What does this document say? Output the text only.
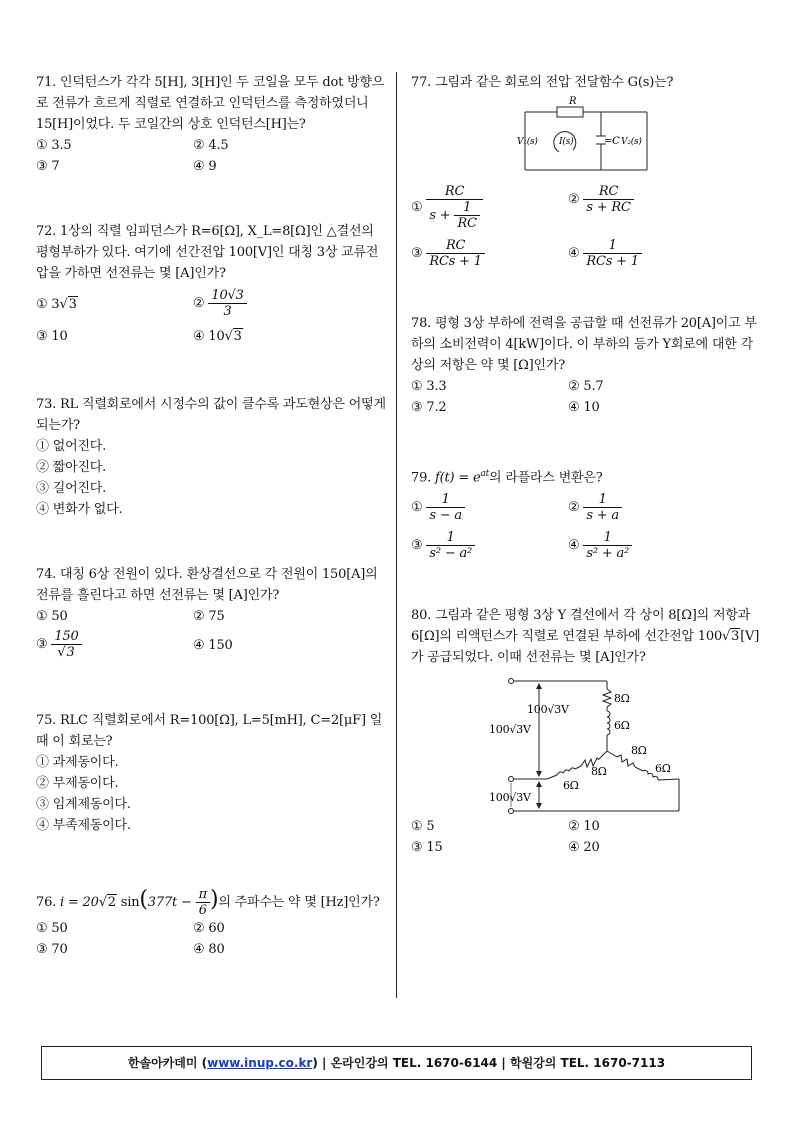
71. 인덕턴스가 각각 5[H], 3[H]인 두 코일을 모두 dot 방향으로 전류가 흐르게 직렬로 연결하고 인덕턴스를 측정하였더니 15[H]이었다. 두 코일간의 상호 인덕턴스[H]는?

① 3.5	② 4.5
③ 7	④ 9

72. 1상의 직렬 임피던스가 R=6[Ω], X_L=8[Ω]인 △결선의 평형부하가 있다. 여기에 선간전압 100[V]인 대칭 3상 교류전압을 가하면 선전류는 몇 [A]인가?

① 3√3	② $\frac{10√3}{3}$
③ 10	④ 10√3

73. RL 직렬회로에서 시정수의 값이 클수록 과도현상은 어떻게 되는가?

① 없어진다.
② 짧아진다.
③ 길어진다.
④ 변화가 없다.

74. 대칭 6상 전원이 있다. 환상결선으로 각 전원이 150[A]의 전류를 흘린다고 하면 선전류는 몇 [A]인가?

① 50	② 75
③ $\frac{150}{√3}$	④ 150

75. RLC 직렬회로에서 R=100[Ω], L=5[mH], C=2[μF] 일 때 이 회로는?

① 과제동이다.
② 무제동이다.
③ 임계제동이다.
④ 부족제동이다.

76. i = 20√2 $\sin(377t - \frac{\pi}{6}$ )의 주파수는 약 몇 [Hz]인가?

① 50	② 60
③ 70	④ 80

77. 그림과 같은 회로의 전압 전달함수 G(s)는?

R
V₁(s) I(s)	=C V₂(s)
① $\frac{RC}{s + \frac{1}{RC}}$	② $\frac{RC}{s + RC}$
③ $\frac{RC}{\text{RCs + 1}}$	④ $\frac{1}{\text{RCs + 1}}$

78. 평형 3상 부하에 전력을 공급할 때 선전류가 20[A]이고 부하의 소비전력이 4[kW]이다. 이 부하의 등가 Y회로에 대한 각 상의 저항은 약 몇 [Ω]인가?

① 3.3	② 5.7
③ 7.2	④ 10

79. $f(t) = e^{at}$의 라플라스 변환은?

① $\frac{1}{s - a}$	② $\frac{1}{s + a}$
③ $\frac{1}{\text{s² − a²}}$	④ $\frac{1}{\text{s² + a²}}$

80. 그림과 같은 평형 3상 Y 결선에서 각 상이 8[Ω]의 저항과 6[Ω]의 리액턴스가 직렬로 연결된 부하에 선간전압 100√3[V]가 공급되었다. 이때 선전류는 몇 [A]인가?

100√3V
100√3V
100√3V
8Ω
6Ω
8Ω
6Ω
8Ω
6Ω
① 5	② 10
③ 15	④ 20
한솔아카데미 (www.inup.co.kr) | 온라인강의 TEL. 1670-6144 | 학원강의 TEL. 1670-7113
